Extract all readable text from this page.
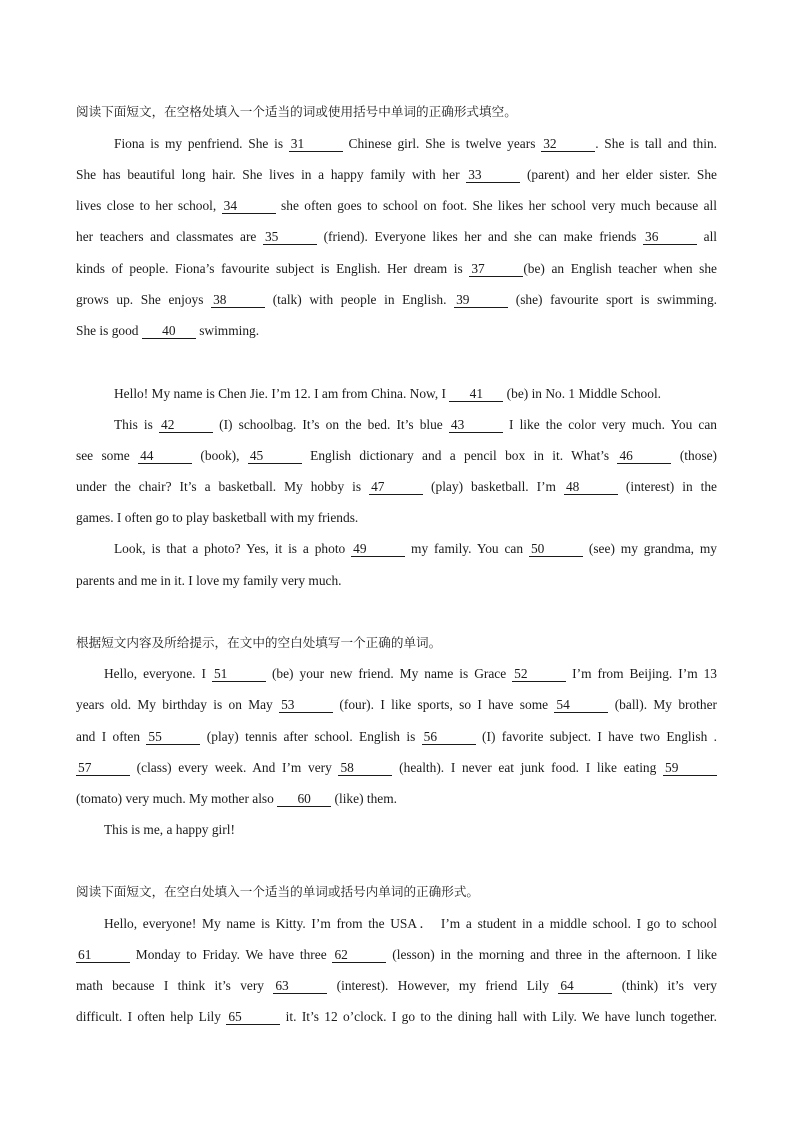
阅读下面短文，在空格处填入一个适当的词或使用括号中单词的正确形式填空。
Fiona is my penfriend. She is 31	Chinese girl. She is twelve years 32	. She is tall and thin.
She has beautiful long hair. She lives in a happy family with her 33	(parent) and her elder sister. She
lives close to her school, 34	she often goes to school on foot. She likes her school very much because all
her teachers and classmates are 35	(friend). Everyone likes her and she can make friends 36	all
kinds of people. Fiona’s favourite subject is English. Her dream is 37	(be) an English teacher when she
grows up. She enjoys 38	(talk) with people in English. 39	(she) favourite sport is swimming.
She is good 40 swimming.
Hello! My name is Chen Jie. I’m 12. I am from China. Now, I 41 (be) in No. 1 Middle School.
This is 42	(I) schoolbag. It’s on the bed. It’s blue 43	I like the color very much. You can
see some 44	(book), 45	English dictionary and a pencil box in it. What’s 46	(those)
under the chair? It’s a basketball. My hobby is 47	(play) basketball. I’m 48	(interest) in the
games. I often go to play basketball with my friends.
Look, is that a photo? Yes, it is a photo 49	my family. You can 50	(see) my grandma, my
parents and me in it. I love my family very much.
根据短文内容及所给提示，在文中的空白处填写一个正确的单词。
Hello, everyone. I 51	(be) your new friend. My name is Grace 52	I’m from Beijing. I’m 13
years old. My birthday is on May 53	(four). I like sports, so I have some 54	(ball). My brother
and I often 55	(play) tennis after school. English is 56	(I) favorite subject. I have two English .
57	(class) every week. And I’m very 58	(health). I never eat junk food. I like eating 59
(tomato) very much. My mother also 60 (like) them.
This is me, a happy girl!
阅读下面短文，在空白处填入一个适当的单词或括号内单词的正确形式。
Hello, everyone! My name is Kitty. I’m from the USA． I’m a student in a middle school. I go to school
61	Monday to Friday. We have three 62	(lesson) in the morning and three in the afternoon. I like
math because I think it’s very 63	(interest). However, my friend Lily 64	(think) it’s very
difficult. I often help Lily 65	it. It’s 12 o’clock. I go to the dining hall with Lily. We have lunch together.
